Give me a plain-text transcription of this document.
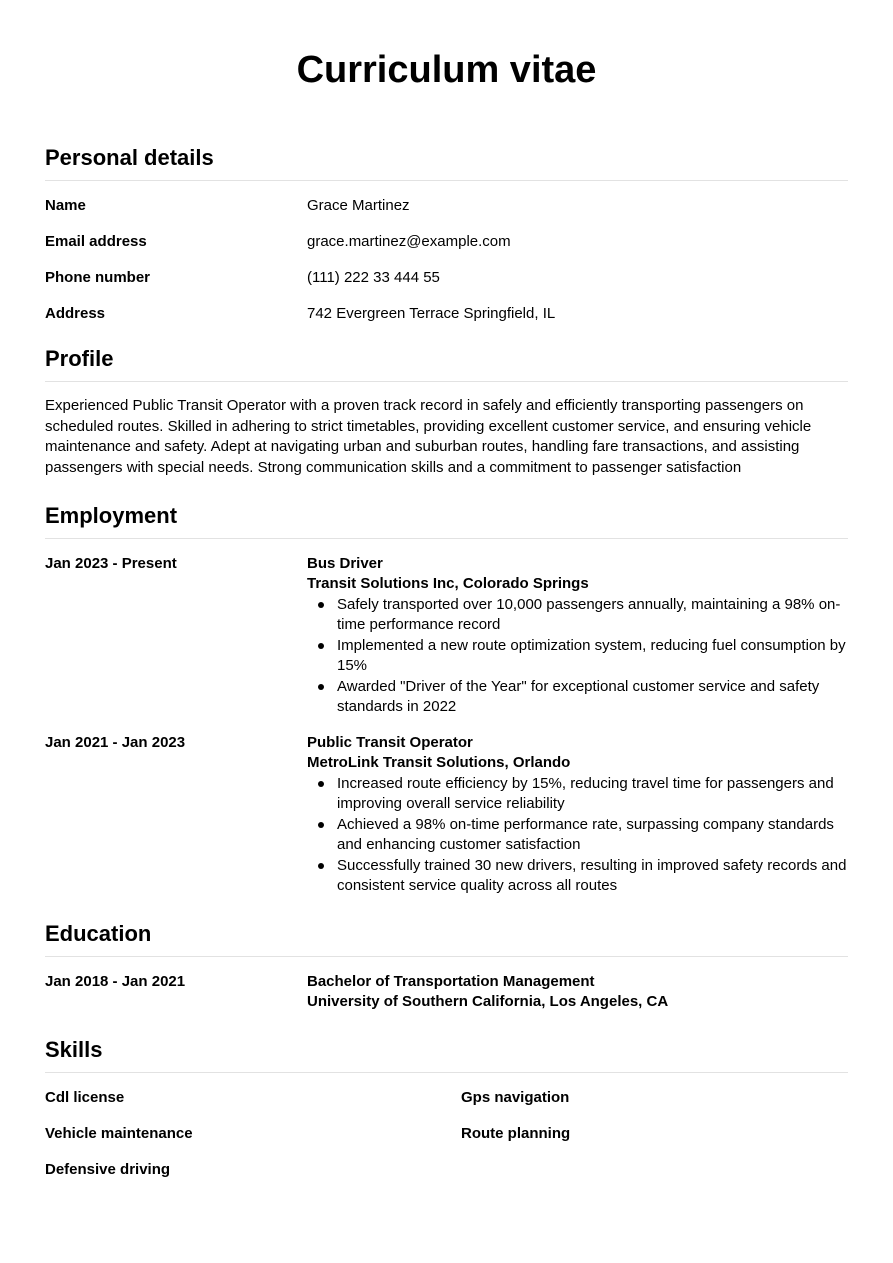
Curriculum vitae
Personal details
Name	Grace Martinez
Email address	grace.martinez@example.com
Phone number	(111) 222 33 444 55
Address	742 Evergreen Terrace Springfield, IL
Profile

Experienced Public Transit Operator with a proven track record in safely and efficiently transporting passengers on scheduled routes. Skilled in adhering to strict timetables, providing excellent customer service, and ensuring vehicle maintenance and safety. Adept at navigating urban and suburban routes, handling fare transactions, and assisting passengers with special needs. Strong communication skills and a commitment to passenger satisfaction

Employment
Jan 2023 - Present	Bus Driver
Transit Solutions Inc, Colorado Springs
Safely transported over 10,000 passengers annually, maintaining a 98% on-time performance record
Implemented a new route optimization system, reducing fuel consumption by 15%
Awarded "Driver of the Year" for exceptional customer service and safety standards in 2022
Jan 2021 - Jan 2023	Public Transit Operator
MetroLink Transit Solutions, Orlando
Increased route efficiency by 15%, reducing travel time for passengers and improving overall service reliability
Achieved a 98% on-time performance rate, surpassing company standards and enhancing customer satisfaction
Successfully trained 30 new drivers, resulting in improved safety records and consistent service quality across all routes
Education
Jan 2018 - Jan 2021	Bachelor of Transportation Management
University of Southern California, Los Angeles, CA
Skills
Cdl license	Gps navigation
Vehicle maintenance	Route planning
Defensive driving
